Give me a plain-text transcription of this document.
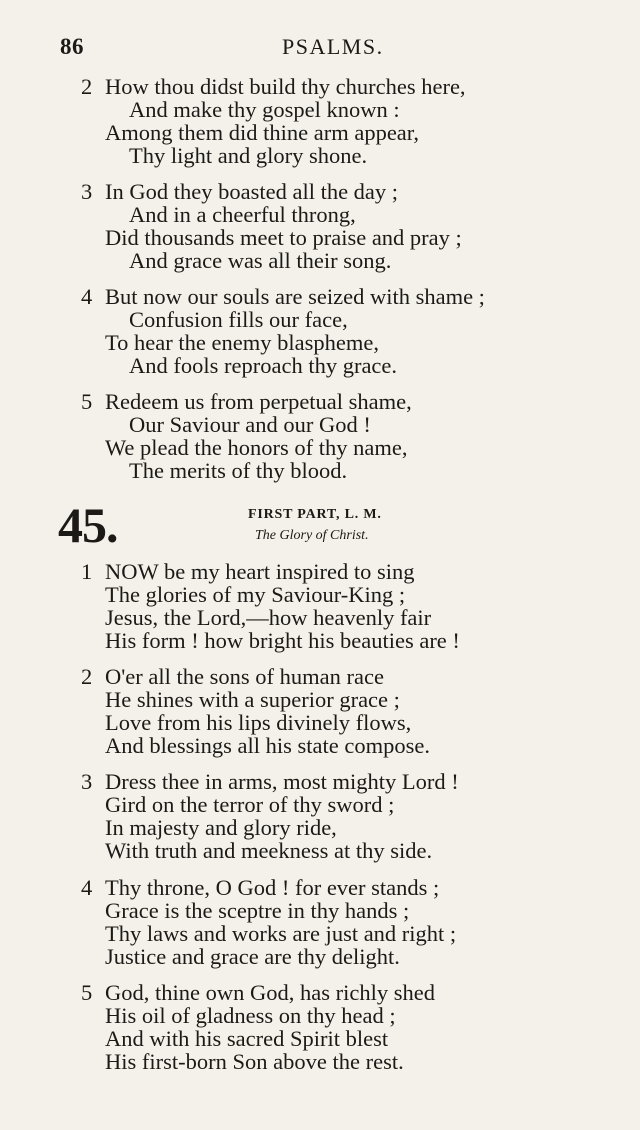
86	PSALMS.
2 How thou didst build thy churches here,
And make thy gospel known :
Among them did thine arm appear,
Thy light and glory shone.
3 In God they boasted all the day ;
And in a cheerful throng,
Did thousands meet to praise and pray ;
And grace was all their song.
4 But now our souls are seized with shame ;
Confusion fills our face,
To hear the enemy blaspheme,
And fools reproach thy grace.
5 Redeem us from perpetual shame,
Our Saviour and our God !
We plead the honors of thy name,
The merits of thy blood.
45.	FIRST PART, L. M.
The Glory of Christ.
1 NOW be my heart inspired to sing
The glories of my Saviour-King ;
Jesus, the Lord,—how heavenly fair
His form ! how bright his beauties are !
2 O'er all the sons of human race
He shines with a superior grace ;
Love from his lips divinely flows,
And blessings all his state compose.
3 Dress thee in arms, most mighty Lord !
Gird on the terror of thy sword ;
In majesty and glory ride,
With truth and meekness at thy side.
4 Thy throne, O God ! for ever stands ;
Grace is the sceptre in thy hands ;
Thy laws and works are just and right ;
Justice and grace are thy delight.
5 God, thine own God, has richly shed
His oil of gladness on thy head ;
And with his sacred Spirit blest
His first-born Son above the rest.
